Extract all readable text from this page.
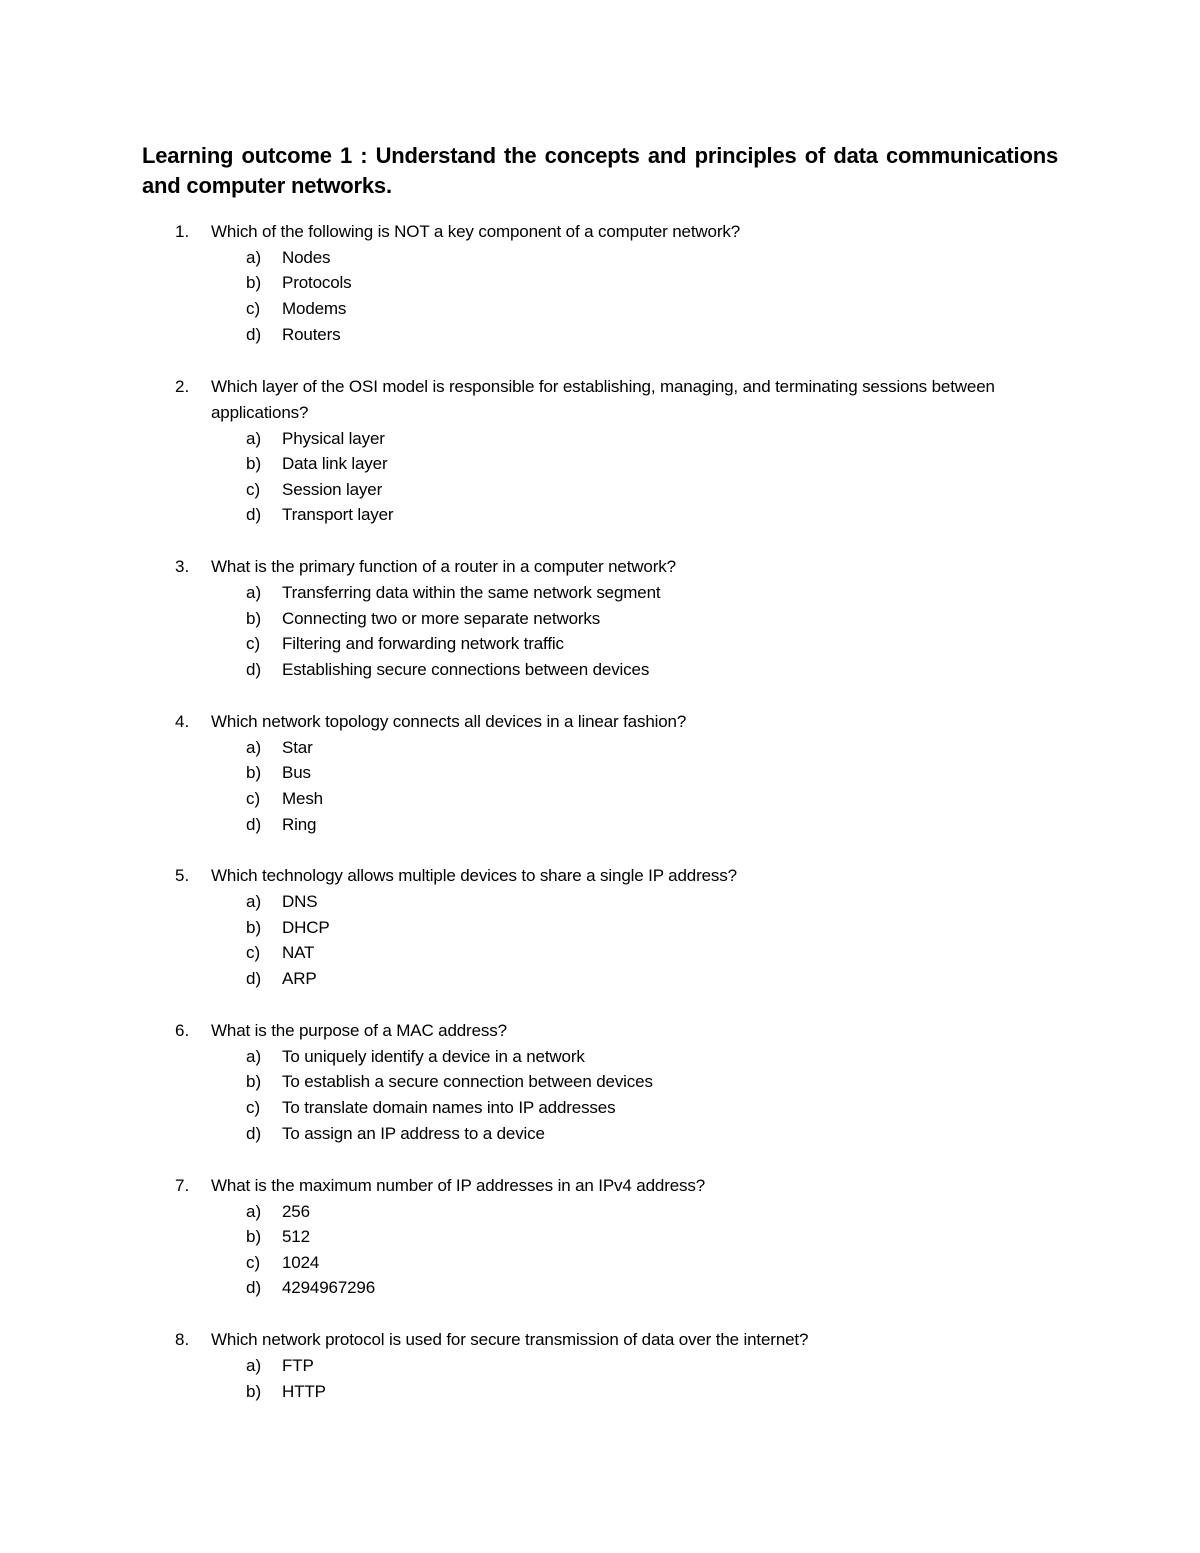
Learning outcome 1 : Understand the concepts and principles of data communications and computer networks.
1. Which of the following is NOT a key component of a computer network?
a) Nodes
b) Protocols
c) Modems
d) Routers
2. Which layer of the OSI model is responsible for establishing, managing, and terminating sessions between applications?
a) Physical layer
b) Data link layer
c) Session layer
d) Transport layer
3. What is the primary function of a router in a computer network?
a) Transferring data within the same network segment
b) Connecting two or more separate networks
c) Filtering and forwarding network traffic
d) Establishing secure connections between devices
4. Which network topology connects all devices in a linear fashion?
a) Star
b) Bus
c) Mesh
d) Ring
5. Which technology allows multiple devices to share a single IP address?
a) DNS
b) DHCP
c) NAT
d) ARP
6. What is the purpose of a MAC address?
a) To uniquely identify a device in a network
b) To establish a secure connection between devices
c) To translate domain names into IP addresses
d) To assign an IP address to a device
7. What is the maximum number of IP addresses in an IPv4 address?
a) 256
b) 512
c) 1024
d) 4294967296
8. Which network protocol is used for secure transmission of data over the internet?
a) FTP
b) HTTP
